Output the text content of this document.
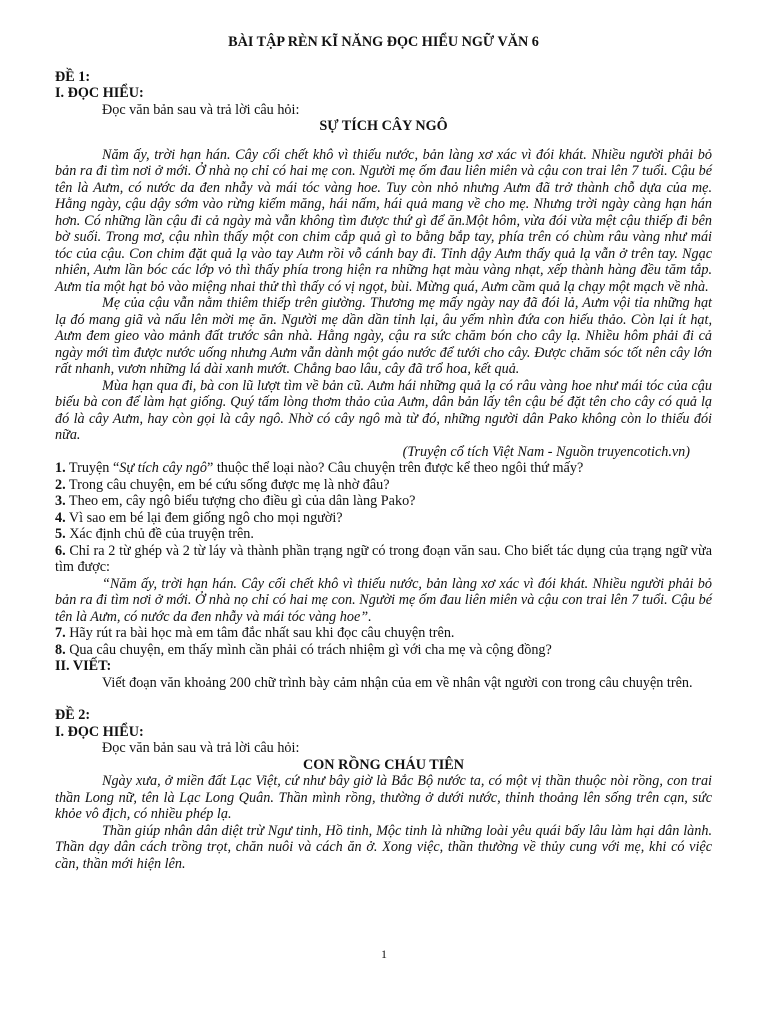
BÀI TẬP RÈN KĨ NĂNG ĐỌC HIỂU NGỮ VĂN 6

ĐỀ 1:

I. ĐỌC HIỂU:

Đọc văn bản sau và trả lời câu hỏi:

SỰ TÍCH CÂY NGÔ

Năm ấy, trời hạn hán. Cây cối chết khô vì thiếu nước, bản làng xơ xác vì đói khát. Nhiều người phải bỏ bản ra đi tìm nơi ở mới. Ở nhà nọ chỉ có hai mẹ con. Người mẹ ốm đau liên miên và cậu con trai lên 7 tuổi. Cậu bé tên là Aưm, có nước da đen nhẫy và mái tóc vàng hoe. Tuy còn nhỏ nhưng Aưm đã trở thành chỗ dựa của mẹ. Hằng ngày, cậu dậy sớm vào rừng kiếm măng, hái nấm, hái quả mang về cho mẹ. Nhưng trời ngày càng hạn hán hơn. Có những lần cậu đi cả ngày mà vẫn không tìm được thứ gì để ăn.Một hôm, vừa đói vừa mệt cậu thiếp đi bên bờ suối. Trong mơ, cậu nhìn thấy một con chim cắp quả gì to bằng bắp tay, phía trên có chùm râu vàng như mái tóc của cậu. Con chim đặt quả lạ vào tay Aưm rồi vỗ cánh bay đi. Tỉnh dậy Aưm thấy quả lạ vẫn ở trên tay. Ngạc nhiên, Aưm lần bóc các lớp vỏ thì thấy phía trong hiện ra những hạt màu vàng nhạt, xếp thành hàng đều tăm tắp. Aưm tỉa một hạt bỏ vào miệng nhai thử thì thấy có vị ngọt, bùi. Mừng quá, Aưm cầm quả lạ chạy một mạch về nhà.

Mẹ của cậu vẫn nằm thiêm thiếp trên giường. Thương mẹ mấy ngày nay đã đói lả, Aưm vội tỉa những hạt lạ đó mang giã và nấu lên mời mẹ ăn. Người mẹ dần dần tỉnh lại, âu yếm nhìn đứa con hiếu thảo. Còn lại ít hạt, Aưm đem gieo vào mảnh đất trước sân nhà. Hằng ngày, cậu ra sức chăm bón cho cây lạ. Nhiều hôm phải đi cả ngày mới tìm được nước uống nhưng Aưm vẫn dành một gáo nước để tưới cho cây. Được chăm sóc tốt nên cây lớn rất nhanh, vươn những lá dài xanh mướt. Chẳng bao lâu, cây đã trổ hoa, kết quả.

Mùa hạn qua đi, bà con lũ lượt tìm về bản cũ. Aưm hái những quả lạ có râu vàng hoe như mái tóc của cậu biếu bà con để làm hạt giống. Quý tấm lòng thơm thảo của Aưm, dân bản lấy tên cậu bé đặt tên cho cây có quả lạ đó là cây Aưm, hay còn gọi là cây ngô. Nhờ có cây ngô mà từ đó, những người dân Pako không còn lo thiếu đói nữa.

(Truyện cổ tích Việt Nam - Nguồn truyencotich.vn)

1. Truyện “Sự tích cây ngô” thuộc thể loại nào? Câu chuyện trên được kể theo ngôi thứ mấy?

2. Trong câu chuyện, em bé cứu sống được mẹ là nhờ đâu?

3. Theo em, cây ngô biểu tượng cho điều gì của dân làng Pako?

4. Vì sao em bé lại đem giống ngô cho mọi người?

5. Xác định chủ đề của truyện trên.

6. Chỉ ra 2 từ ghép và 2 từ láy và thành phần trạng ngữ có trong đoạn văn sau. Cho biết tác dụng của trạng ngữ vừa tìm được:

“Năm ấy, trời hạn hán. Cây cối chết khô vì thiếu nước, bản làng xơ xác vì đói khát. Nhiều người phải bỏ bản ra đi tìm nơi ở mới. Ở nhà nọ chỉ có hai mẹ con. Người mẹ ốm đau liên miên và cậu con trai lên 7 tuổi. Cậu bé tên là Aưm, có nước da đen nhẫy và mái tóc vàng hoe”.

7. Hãy rút ra bài học mà em tâm đắc nhất sau khi đọc câu chuyện trên.

8. Qua câu chuyện, em thấy mình cần phải có trách nhiệm gì với cha mẹ và cộng đồng?

II. VIẾT:

Viết đoạn văn khoảng 200 chữ trình bày cảm nhận của em về nhân vật người con trong câu chuyện trên.

ĐỀ 2:

I. ĐỌC HIỂU:

Đọc văn bản sau và trả lời câu hỏi:

CON RỒNG CHÁU TIÊN

Ngày xưa, ở miền đất Lạc Việt, cứ như bây giờ là Bắc Bộ nước ta, có một vị thần thuộc nòi rồng, con trai thần Long nữ, tên là Lạc Long Quân. Thần mình rồng, thường ở dưới nước, thỉnh thoảng lên sống trên cạn, sức khỏe vô địch, có nhiều phép lạ.

Thần giúp nhân dân diệt trừ Ngư tinh, Hồ tinh, Mộc tinh là những loài yêu quái bấy lâu làm hại dân lành. Thần dạy dân cách trồng trọt, chăn nuôi và cách ăn ở. Xong việc, thần thường về thủy cung với mẹ, khi có việc cần, thần mới hiện lên.

1
